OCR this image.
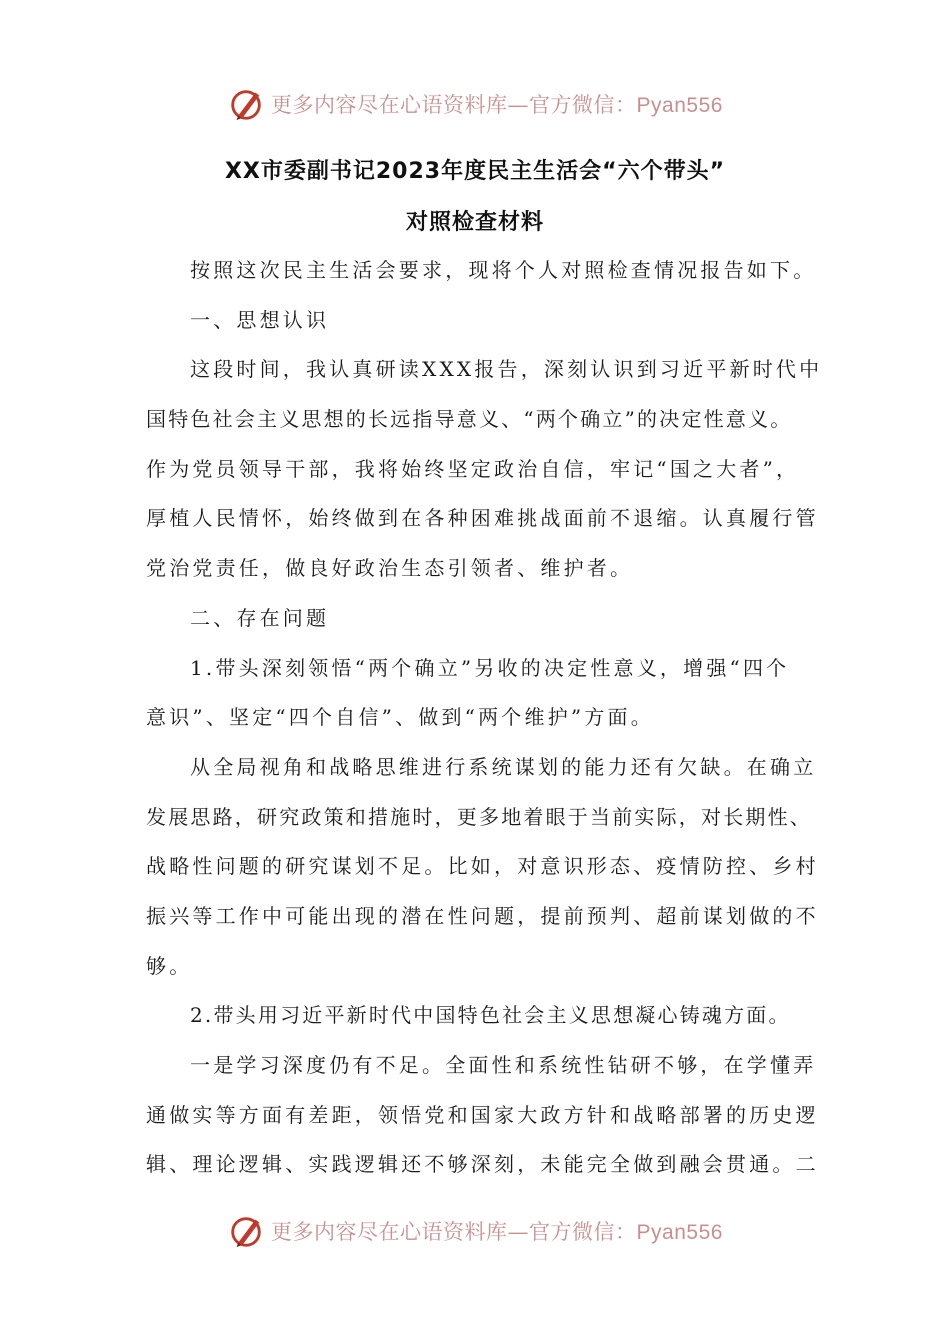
更多内容尽在心语资料库—官方微信：Pyan556
XX市委副书记2023年度民主生活会“六个带头”
对照检查材料
按照这次民主生活会要求，现将个人对照检查情况报告如下。
一、思想认识
这段时间，我认真研读XXX报告，深刻认识到习近平新时代中
国特色社会主义思想的长远指导意义、“两个确立”的决定性意义。
作为党员领导干部，我将始终坚定政治自信，牢记“国之大者”，
厚植人民情怀，始终做到在各种困难挑战面前不退缩。认真履行管
党治党责任，做良好政治生态引领者、维护者。
二、存在问题
1.带头深刻领悟“两个确立”另收的决定性意义，增强“四个
意识”、坚定“四个自信”、做到“两个维护”方面。
从全局视角和战略思维进行系统谋划的能力还有欠缺。在确立
发展思路，研究政策和措施时，更多地着眼于当前实际，对长期性、
战略性问题的研究谋划不足。比如，对意识形态、疫情防控、乡村
振兴等工作中可能出现的潜在性问题，提前预判、超前谋划做的不
够。
2.带头用习近平新时代中国特色社会主义思想凝心铸魂方面。
一是学习深度仍有不足。全面性和系统性钻研不够，在学懂弄
通做实等方面有差距，领悟党和国家大政方针和战略部署的历史逻
辑、理论逻辑、实践逻辑还不够深刻，未能完全做到融会贯通。二
更多内容尽在心语资料库—官方微信：Pyan556
